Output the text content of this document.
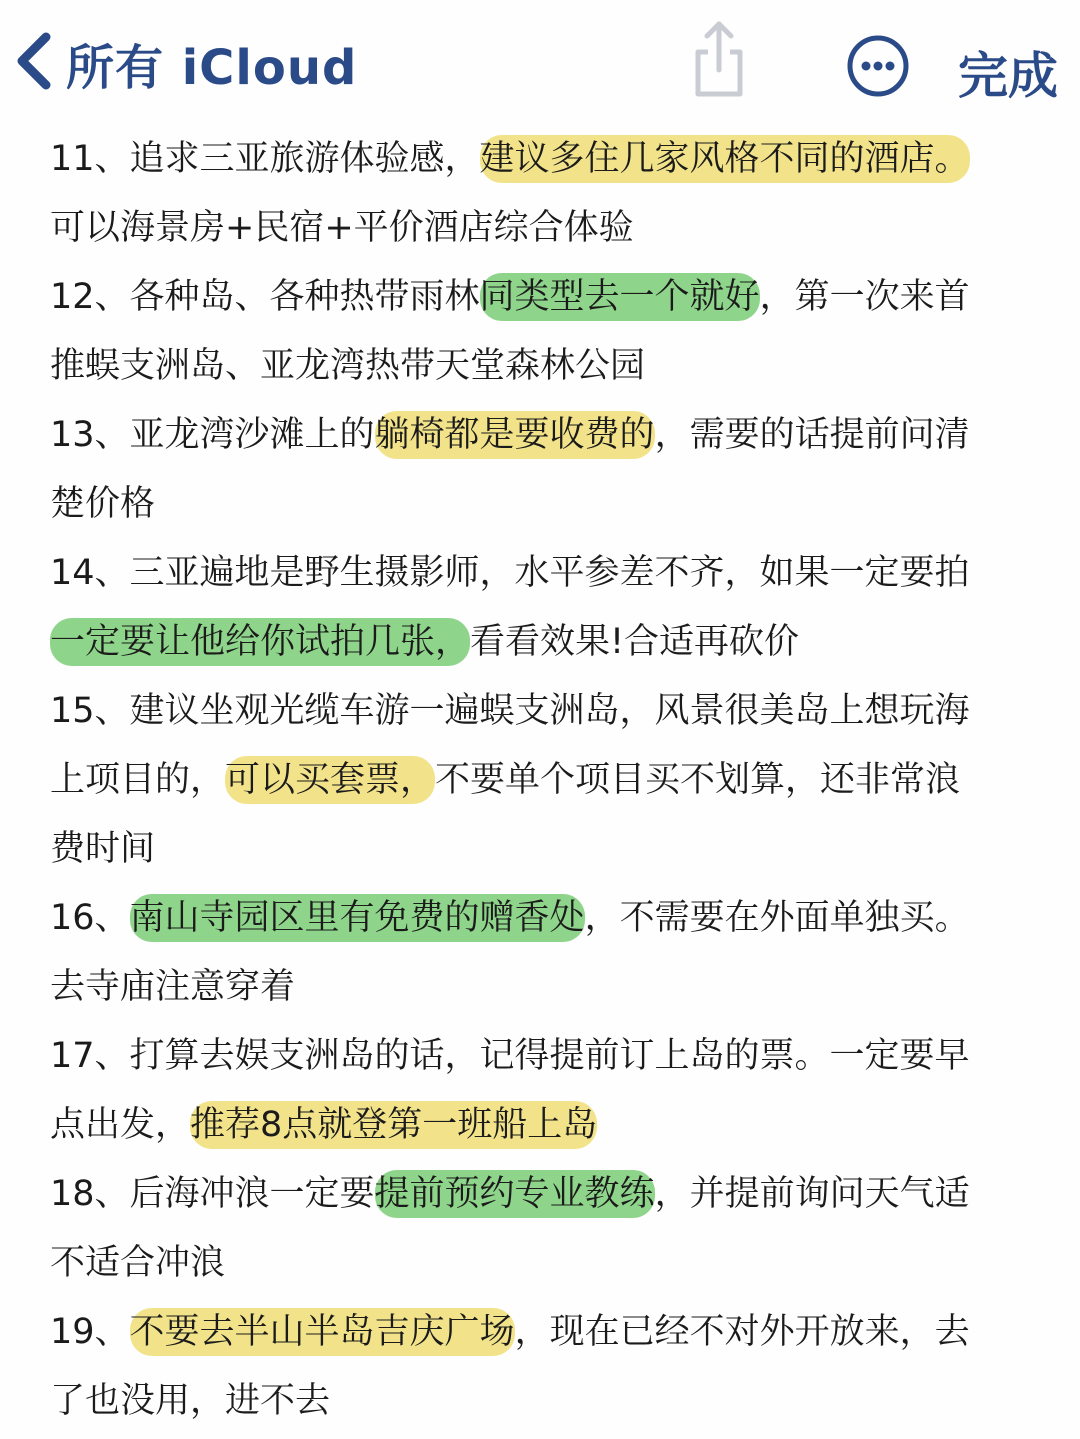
所有 iCloud	完成
11、追求三亚旅游体验感，建议多住几家风格不同的酒店。
可以海景房+民宿+平价酒店综合体验
12、各种岛、各种热带雨林同类型去一个就好，第一次来首
推蜈支洲岛、亚龙湾热带天堂森林公园
13、亚龙湾沙滩上的躺椅都是要收费的，需要的话提前问清
楚价格
14、三亚遍地是野生摄影师，水平参差不齐，如果一定要拍
一定要让他给你试拍几张，看看效果!合适再砍价
15、建议坐观光缆车游一遍蜈支洲岛，风景很美岛上想玩海
上项目的，可以买套票，不要单个项目买不划算，还非常浪
费时间
16、南山寺园区里有免费的赠香处，不需要在外面单独买。
去寺庙注意穿着
17、打算去娱支洲岛的话，记得提前订上岛的票。一定要早
点出发，推荐8点就登第一班船上岛
18、后海冲浪一定要提前预约专业教练，并提前询问天气适
不适合冲浪
19、不要去半山半岛吉庆广场，现在已经不对外开放来，去
了也没用，进不去
